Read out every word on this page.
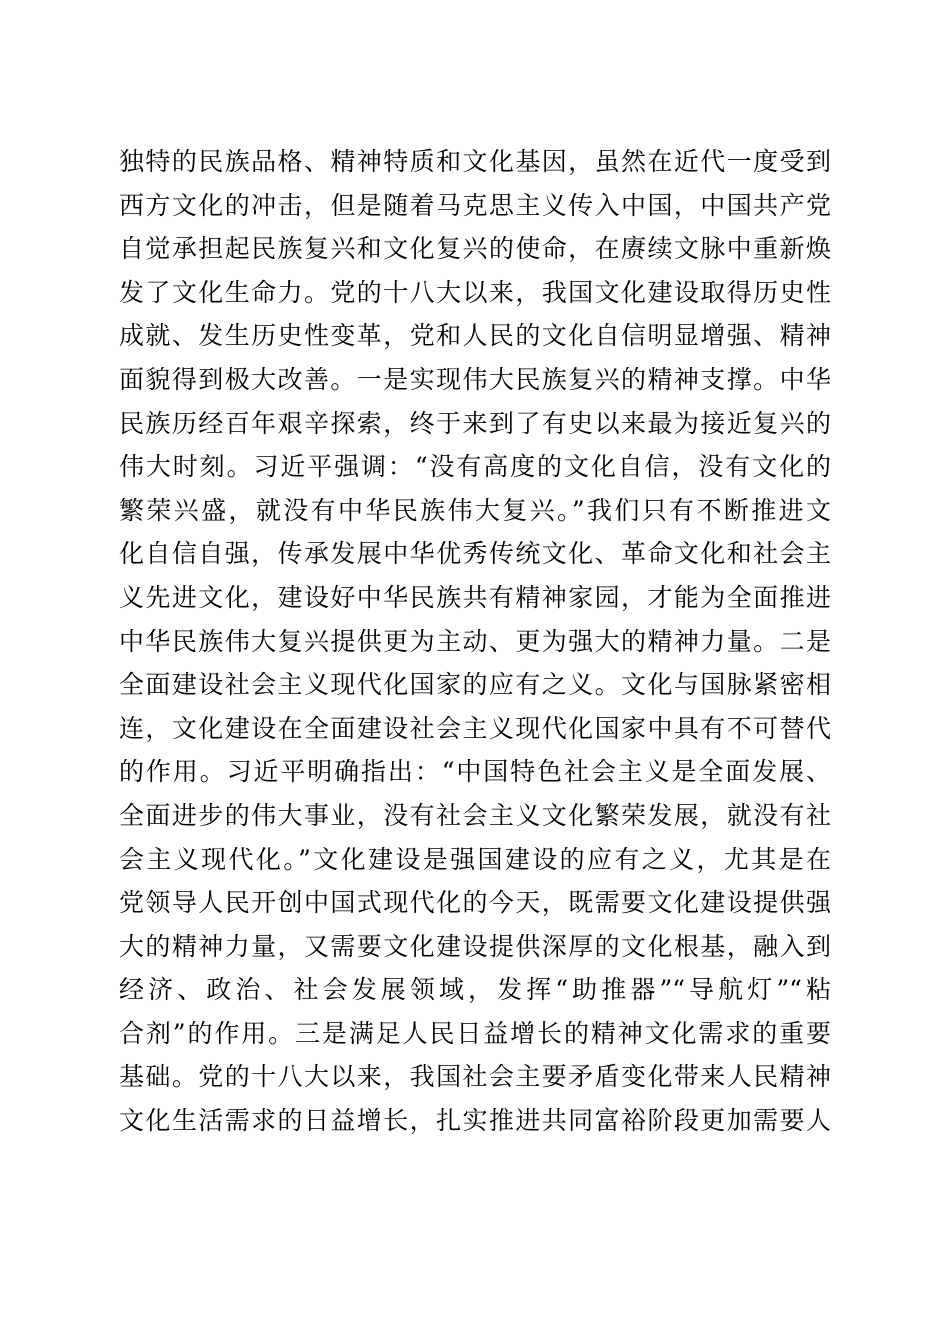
独特的民族品格、精神特质和文化基因，虽然在近代一度受到
西方文化的冲击，但是随着马克思主义传入中国，中国共产党
自觉承担起民族复兴和文化复兴的使命，在赓续文脉中重新焕
发了文化生命力。党的十八大以来，我国文化建设取得历史性
成就、发生历史性变革，党和人民的文化自信明显增强、精神
面貌得到极大改善。一是实现伟大民族复兴的精神支撑。中华
民族历经百年艰辛探索，终于来到了有史以来最为接近复兴的
伟大时刻。习近平强调：“没有高度的文化自信，没有文化的
繁荣兴盛，就没有中华民族伟大复兴。”我们只有不断推进文
化自信自强，传承发展中华优秀传统文化、革命文化和社会主
义先进文化，建设好中华民族共有精神家园，才能为全面推进
中华民族伟大复兴提供更为主动、更为强大的精神力量。二是
全面建设社会主义现代化国家的应有之义。文化与国脉紧密相
连，文化建设在全面建设社会主义现代化国家中具有不可替代
的作用。习近平明确指出：“中国特色社会主义是全面发展、
全面进步的伟大事业，没有社会主义文化繁荣发展，就没有社
会主义现代化。”文化建设是强国建设的应有之义，尤其是在
党领导人民开创中国式现代化的今天，既需要文化建设提供强
大的精神力量，又需要文化建设提供深厚的文化根基，融入到
经济、政治、社会发展领域，发挥“助推器”“导航灯”“粘
合剂”的作用。三是满足人民日益增长的精神文化需求的重要
基础。党的十八大以来，我国社会主要矛盾变化带来人民精神
文化生活需求的日益增长，扎实推进共同富裕阶段更加需要人
